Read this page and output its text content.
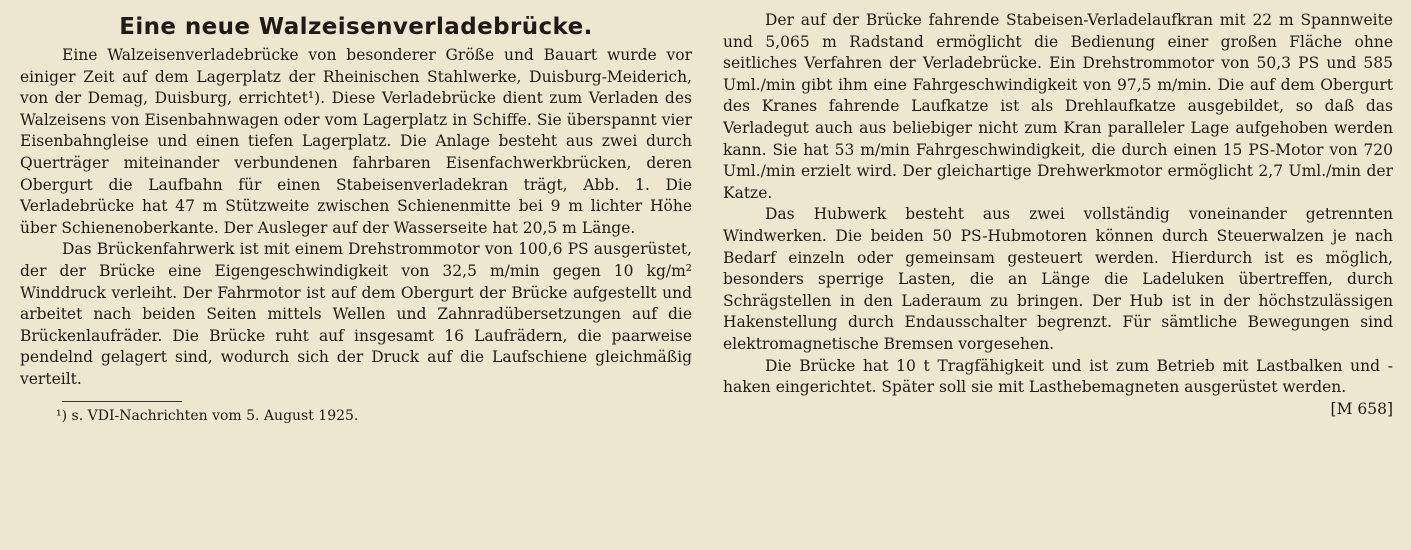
Eine neue Walzeisenverladebrücke.

Eine Walzeisenverladebrücke von besonderer Größe und Bauart wurde vor einiger Zeit auf dem Lagerplatz der Rheinischen Stahlwerke, Duisburg-Meiderich, von der Demag, Duisburg, errichtet¹). Diese Verladebrücke dient zum Verladen des Walzeisens von Eisenbahnwagen oder vom Lagerplatz in Schiffe. Sie überspannt vier Eisenbahngleise und einen tiefen Lagerplatz. Die Anlage besteht aus zwei durch Querträger miteinander verbundenen fahrbaren Eisenfachwerkbrücken, deren Obergurt die Laufbahn für einen Stabeisenverladekran trägt, Abb. 1. Die Verladebrücke hat 47 m Stützweite zwischen Schienenmitte bei 9 m lichter Höhe über Schienenoberkante. Der Ausleger auf der Wasserseite hat 20,5 m Länge.

Das Brückenfahrwerk ist mit einem Drehstrommotor von 100,6 PS ausgerüstet, der der Brücke eine Eigengeschwindigkeit von 32,5 m/min gegen 10 kg/m² Winddruck verleiht. Der Fahrmotor ist auf dem Obergurt der Brücke aufgestellt und arbeitet nach beiden Seiten mittels Wellen und Zahnradübersetzungen auf die Brückenlaufräder. Die Brücke ruht auf insgesamt 16 Laufrädern, die paarweise pendelnd gelagert sind, wodurch sich der Druck auf die Laufschiene gleichmäßig verteilt.

¹) s. VDI-Nachrichten vom 5. August 1925.

Der auf der Brücke fahrende Stabeisen-Verladelaufkran mit 22 m Spannweite und 5,065 m Radstand ermöglicht die Bedienung einer großen Fläche ohne seitliches Verfahren der Verladebrücke. Ein Drehstrommotor von 50,3 PS und 585 Uml./min gibt ihm eine Fahrgeschwindigkeit von 97,5 m/min. Die auf dem Obergurt des Kranes fahrende Laufkatze ist als Drehlaufkatze ausgebildet, so daß das Verladegut auch aus beliebiger nicht zum Kran paralleler Lage aufgehoben werden kann. Sie hat 53 m/min Fahrgeschwindigkeit, die durch einen 15 PS-Motor von 720 Uml./min erzielt wird. Der gleichartige Drehwerkmotor ermöglicht 2,7 Uml./min der Katze.

Das Hubwerk besteht aus zwei vollständig voneinander getrennten Windwerken. Die beiden 50 PS-Hubmotoren können durch Steuerwalzen je nach Bedarf einzeln oder gemeinsam gesteuert werden. Hierdurch ist es möglich, besonders sperrige Lasten, die an Länge die Ladeluken übertreffen, durch Schrägstellen in den Laderaum zu bringen. Der Hub ist in der höchstzulässigen Hakenstellung durch Endausschalter begrenzt. Für sämtliche Bewegungen sind elektromagnetische Bremsen vorgesehen.

Die Brücke hat 10 t Tragfähigkeit und ist zum Betrieb mit Lastbalken und -haken eingerichtet. Später soll sie mit Lasthebemagneten ausgerüstet werden.
[M 658]
